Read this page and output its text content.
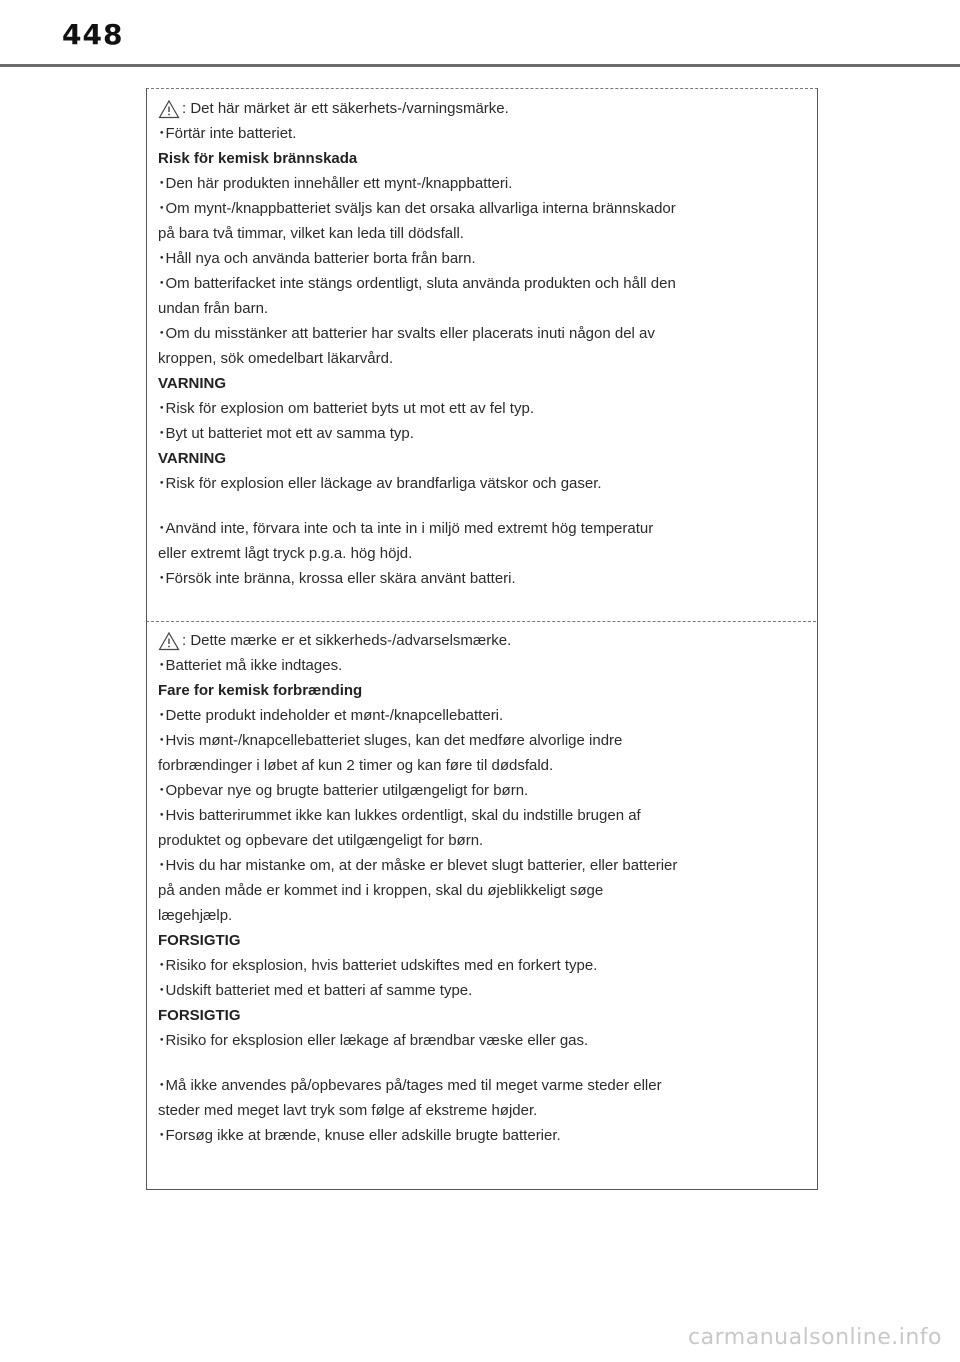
448
: Det här märket är ett säkerhets-/varningsmärke.
･Förtär inte batteriet.
Risk för kemisk brännskada
･Den här produkten innehåller ett mynt-/knappbatteri.
･Om mynt-/knappbatteriet sväljs kan det orsaka allvarliga interna brännskador
på bara två timmar, vilket kan leda till dödsfall.
･Håll nya och använda batterier borta från barn.
･Om batterifacket inte stängs ordentligt, sluta använda produkten och håll den
undan från barn.
･Om du misstänker att batterier har svalts eller placerats inuti någon del av
kroppen, sök omedelbart läkarvård.
VARNING
･Risk för explosion om batteriet byts ut mot ett av fel typ.
･Byt ut batteriet mot ett av samma typ.
VARNING
･Risk för explosion eller läckage av brandfarliga vätskor och gaser.
･Använd inte, förvara inte och ta inte in i miljö med extremt hög temperatur
eller extremt lågt tryck p.g.a. hög höjd.
･Försök inte bränna, krossa eller skära använt batteri.
: Dette mærke er et sikkerheds-/advarselsmærke.
･Batteriet må ikke indtages.
Fare for kemisk forbrænding
･Dette produkt indeholder et mønt-/knapcellebatteri.
･Hvis mønt-/knapcellebatteriet sluges, kan det medføre alvorlige indre
forbrændinger i løbet af kun 2 timer og kan føre til dødsfald.
･Opbevar nye og brugte batterier utilgængeligt for børn.
･Hvis batterirummet ikke kan lukkes ordentligt, skal du indstille brugen af
produktet og opbevare det utilgængeligt for børn.
･Hvis du har mistanke om, at der måske er blevet slugt batterier, eller batterier
på anden måde er kommet ind i kroppen, skal du øjeblikkeligt søge
lægehjælp.
FORSIGTIG
･Risiko for eksplosion, hvis batteriet udskiftes med en forkert type.
･Udskift batteriet med et batteri af samme type.
FORSIGTIG
･Risiko for eksplosion eller lækage af brændbar væske eller gas.
･Må ikke anvendes på/opbevares på/tages med til meget varme steder eller
steder med meget lavt tryk som følge af ekstreme højder.
･Forsøg ikke at brænde, knuse eller adskille brugte batterier.
carmanualsonline.info
